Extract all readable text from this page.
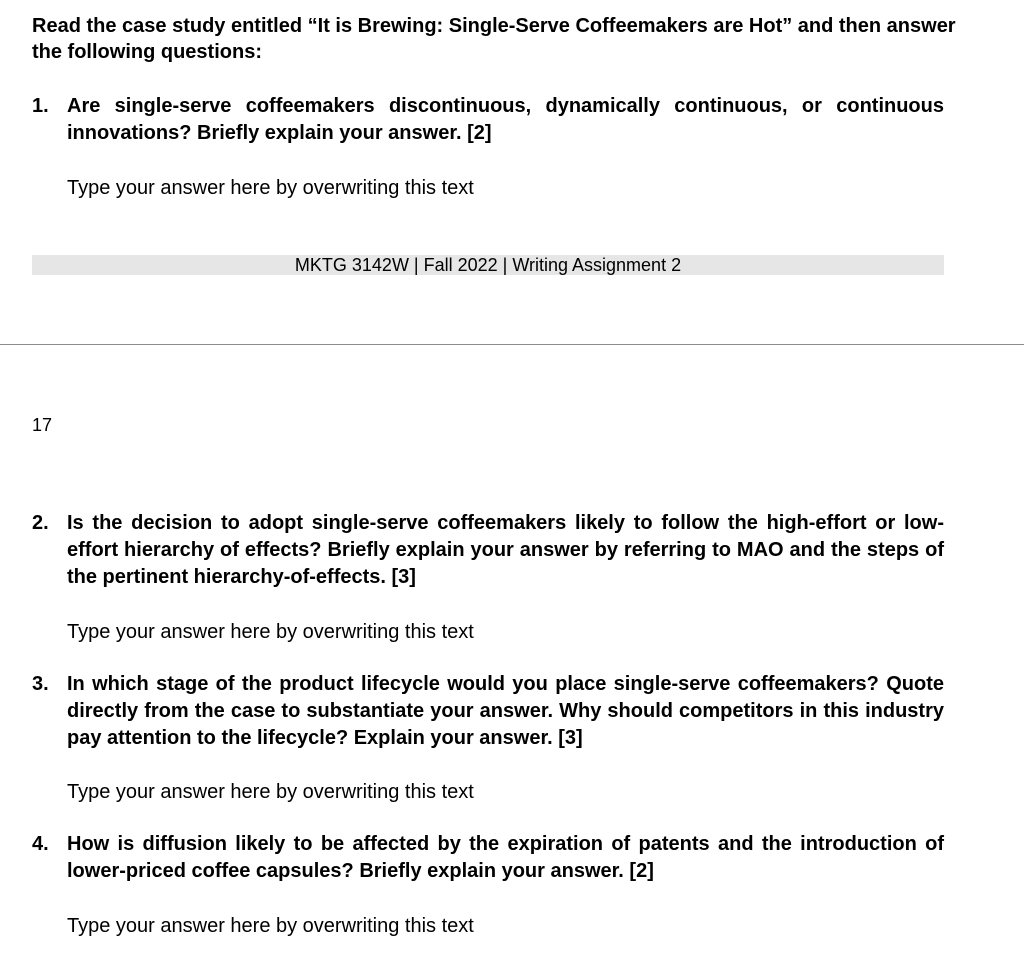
Read the case study entitled “It is Brewing: Single-Serve Coffeemakers are Hot” and then answer the following questions:

1. Are single-serve coffeemakers discontinuous, dynamically continuous, or continuous innovations? Briefly explain your answer. [2]

Type your answer here by overwriting this text
MKTG 3142W | Fall 2022 | Writing Assignment 2
17
2. Is the decision to adopt single-serve coffeemakers likely to follow the high-effort or low-effort hierarchy of effects? Briefly explain your answer by referring to MAO and the steps of the pertinent hierarchy-of-effects. [3]

Type your answer here by overwriting this text
3. In which stage of the product lifecycle would you place single-serve coffeemakers? Quote directly from the case to substantiate your answer. Why should competitors in this industry pay attention to the lifecycle? Explain your answer. [3]

Type your answer here by overwriting this text
4. How is diffusion likely to be affected by the expiration of patents and the introduction of lower-priced coffee capsules? Briefly explain your answer. [2]

Type your answer here by overwriting this text
